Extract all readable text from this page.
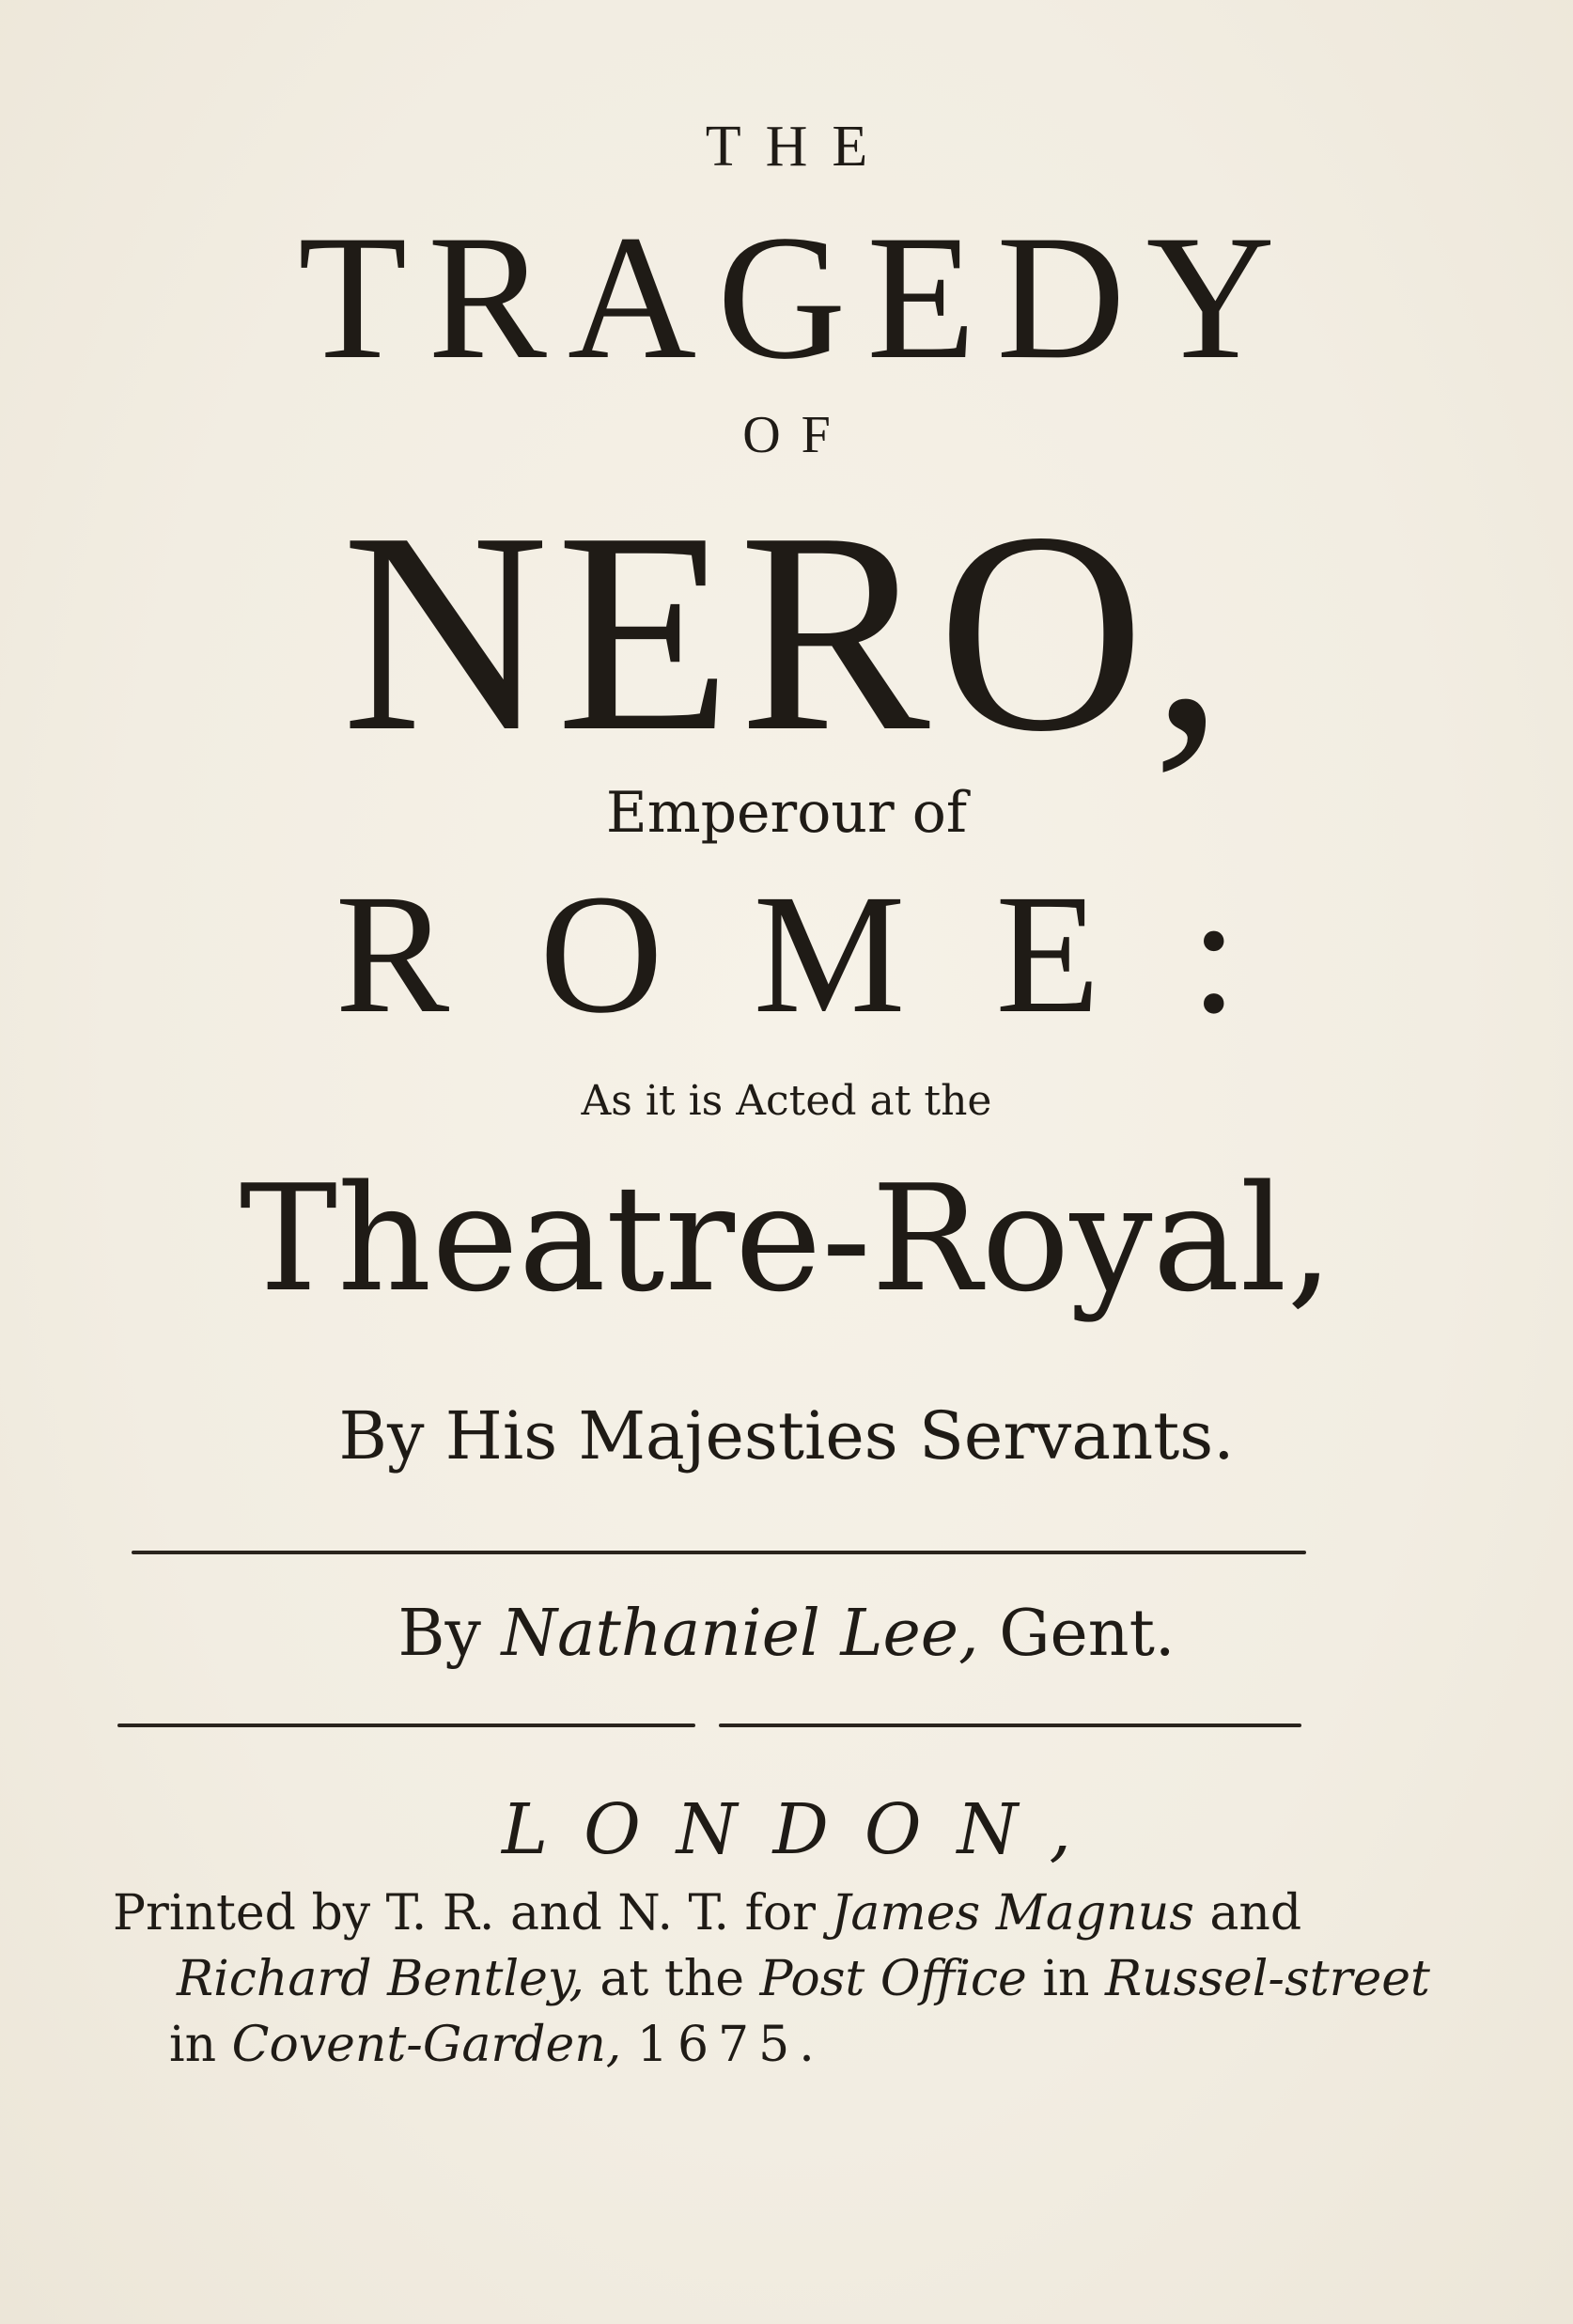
THE
TRAGEDY
OF
NERO,
Emperour of
ROME:
As it is Acted at the
Theatre-Royal,
By His Majesties Servants.
By Nathaniel Lee, Gent.
LONDON,
Printed by T. R. and N. T. for James Magnus and
Richard Bentley, at the Post Office in Russel-street
in Covent-Garden, 1675.
